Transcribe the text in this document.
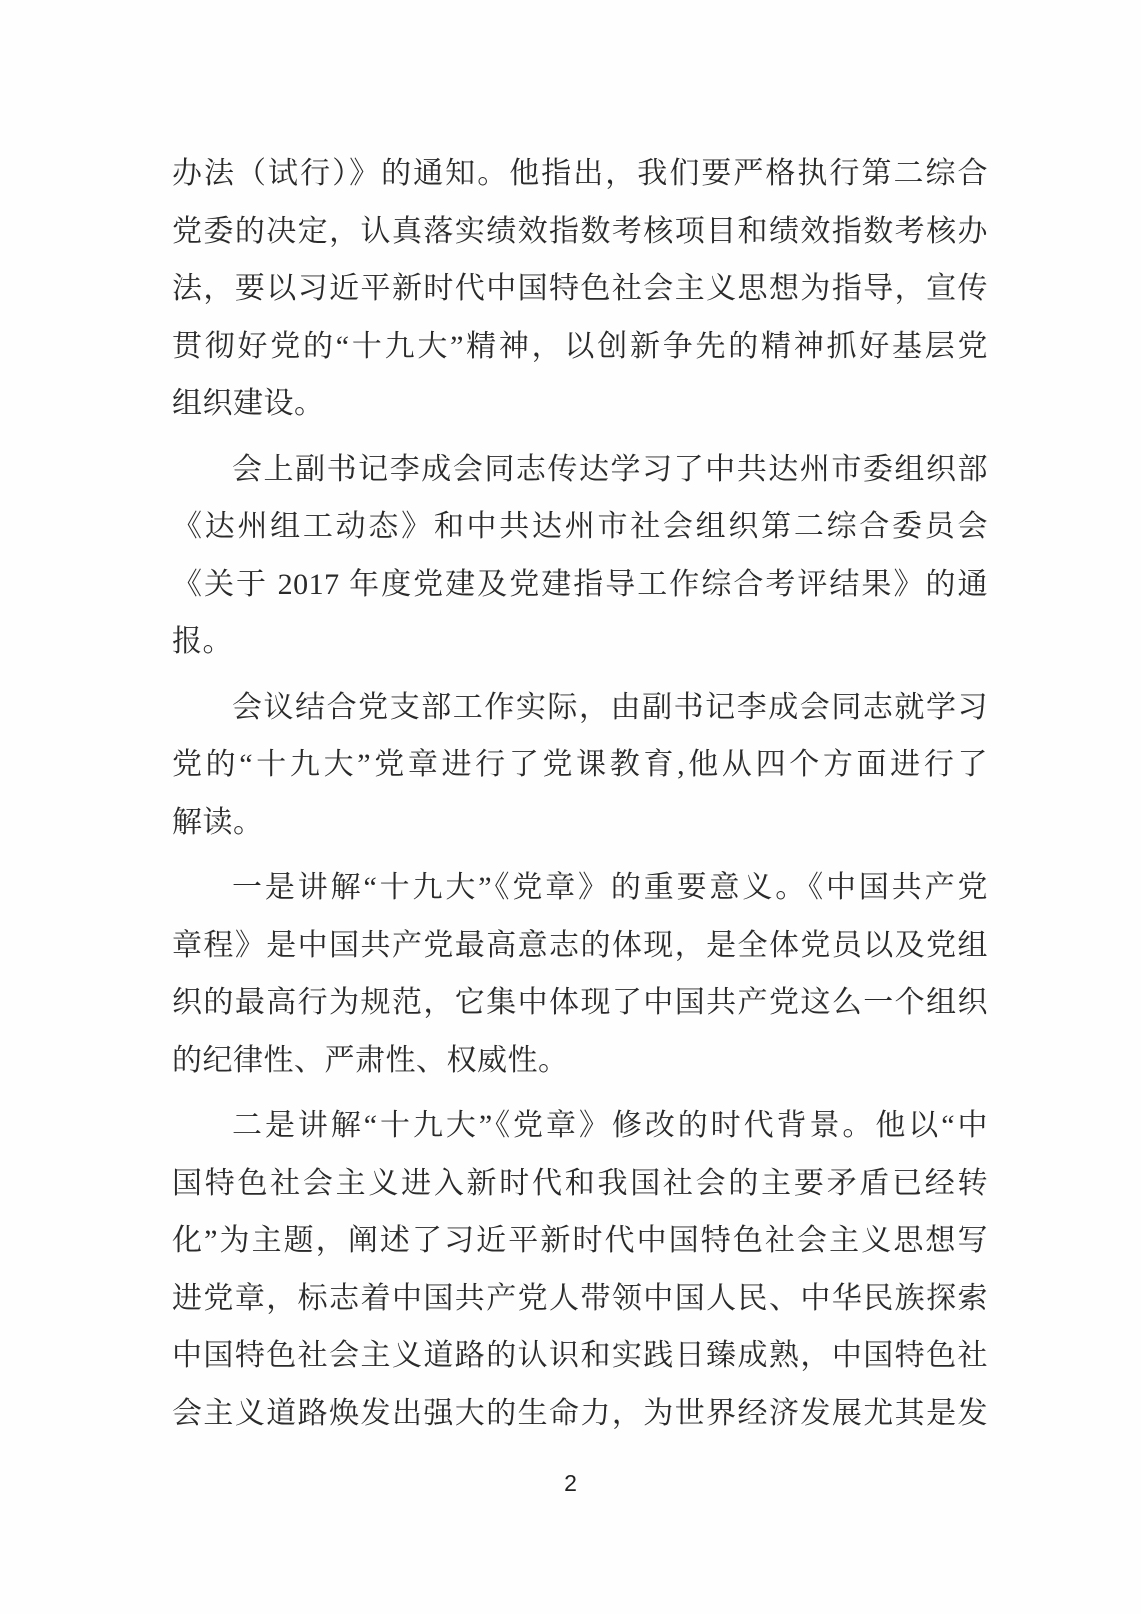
办法（试行）》的通知。他指出，我们要严格执行第二综合
党委的决定，认真落实绩效指数考核项目和绩效指数考核办
法，要以习近平新时代中国特色社会主义思想为指导，宣传
贯彻好党的“十九大”精神，以创新争先的精神抓好基层党
组织建设。
会上副书记李成会同志传达学习了中共达州市委组织部
《达州组工动态》和中共达州市社会组织第二综合委员会
《关于 2017 年度党建及党建指导工作综合考评结果》的通
报。
会议结合党支部工作实际，由副书记李成会同志就学习
党的“十九大”党章进行了党课教育,他从四个方面进行了
解读。
一是讲解“十九大”《党章》的重要意义。《中国共产党
章程》是中国共产党最高意志的体现，是全体党员以及党组
织的最高行为规范，它集中体现了中国共产党这么一个组织
的纪律性、严肃性、权威性。
二是讲解“十九大”《党章》修改的时代背景。他以“中
国特色社会主义进入新时代和我国社会的主要矛盾已经转
化”为主题，阐述了习近平新时代中国特色社会主义思想写
进党章，标志着中国共产党人带领中国人民、中华民族探索
中国特色社会主义道路的认识和实践日臻成熟，中国特色社
会主义道路焕发出强大的生命力，为世界经济发展尤其是发
2
